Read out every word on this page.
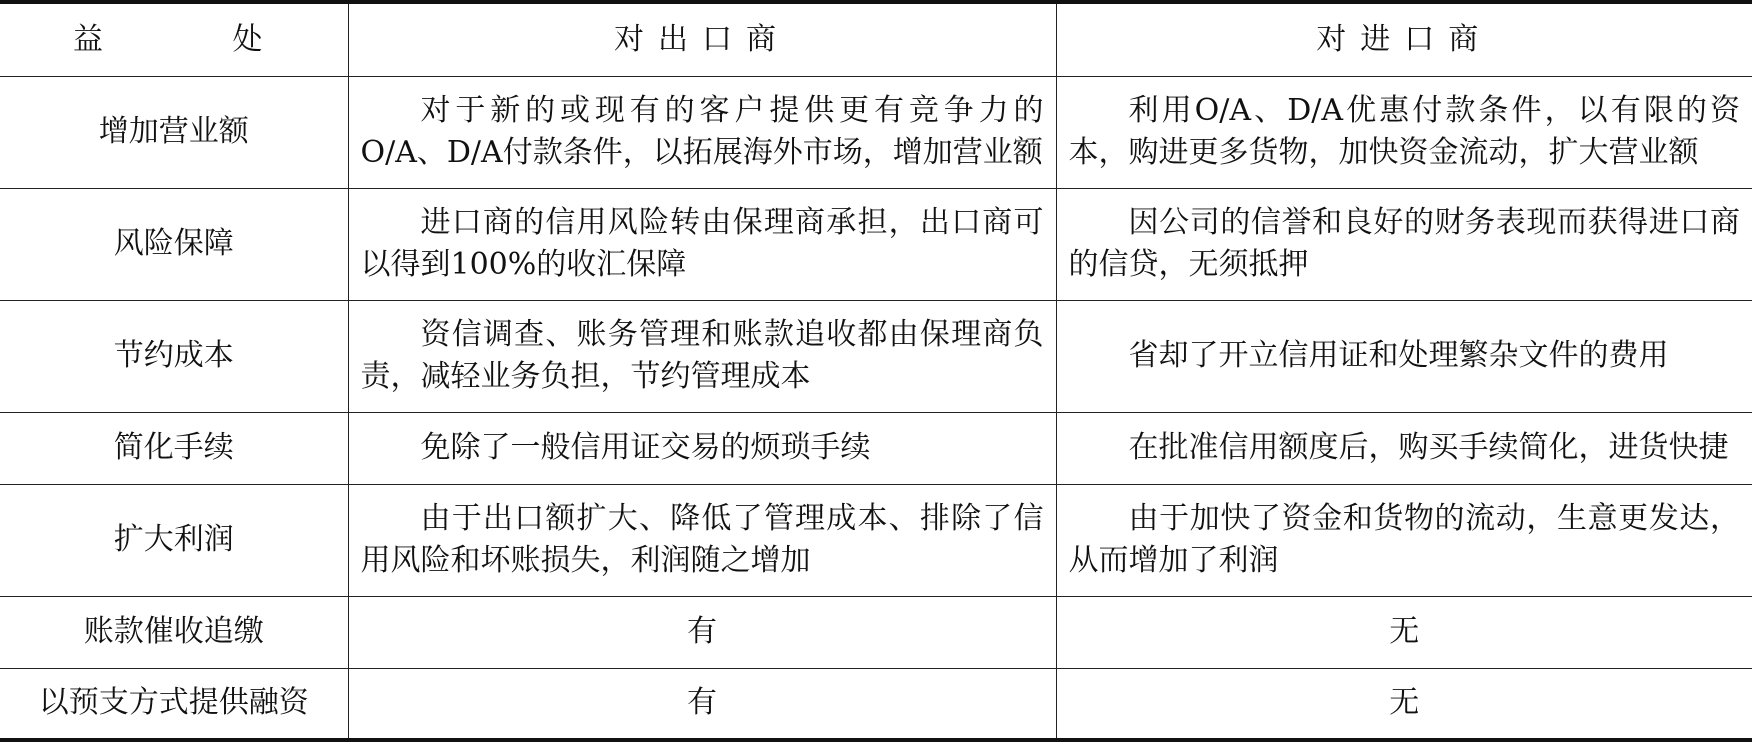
益 处	对出口商	对进口商
增加营业额	对于新的或现有的客户提供更有竞争力的O/A、D/A付款条件，以拓展海外市场，增加营业额	利用O/A、D/A优惠付款条件，以有限的资本，购进更多货物，加快资金流动，扩大营业额
风险保障	进口商的信用风险转由保理商承担，出口商可以得到100%的收汇保障	因公司的信誉和良好的财务表现而获得进口商的信贷，无须抵押
节约成本	资信调查、账务管理和账款追收都由保理商负责，减轻业务负担，节约管理成本	省却了开立信用证和处理繁杂文件的费用
简化手续	免除了一般信用证交易的烦琐手续	在批准信用额度后，购买手续简化，进货快捷
扩大利润	由于出口额扩大、降低了管理成本、排除了信用风险和坏账损失，利润随之增加	由于加快了资金和货物的流动，生意更发达，从而增加了利润
账款催收追缴	有	无
以预支方式提供融资	有	无
